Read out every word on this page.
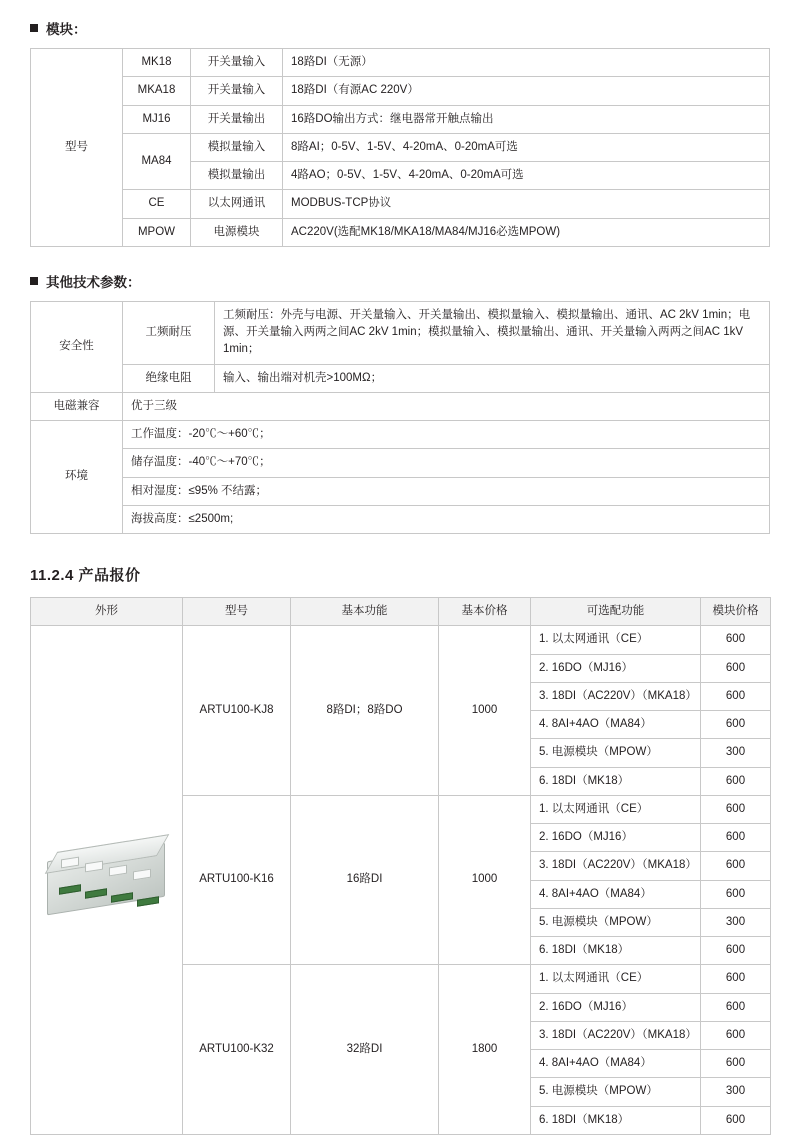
模块：
型号	MK18	开关量输入	18路DI（无源）
	MKA18	开关量输入	18路DI（有源AC 220V）
	MJ16	开关量输出	16路DO输出方式：继电器常开触点输出
	MA84	模拟量输入	8路AI；0-5V、1-5V、4-20mA、0-20mA可选
		模拟量输出	4路AO；0-5V、1-5V、4-20mA、0-20mA可选
	CE	以太网通讯	MODBUS-TCP协议
	MPOW	电源模块	AC220V(选配MK18/MKA18/MA84/MJ16必选MPOW)
其他技术参数：
安全性	工频耐压	工频耐压：外壳与电源、开关量输入、开关量输出、模拟量输入、模拟量输出、通讯、AC 2kV 1min；电源、开关量输入两两之间AC 2kV 1min；模拟量输入、模拟量输出、通讯、开关量输入两两之间AC 1kV 1min；
	绝缘电阻	输入、输出端对机壳>100MΩ；
电磁兼容	优于三级	
环境	工作温度：-20℃～+60℃；	
	储存温度：-40℃～+70℃；	
	相对湿度：≤95% 不结露；	
	海拔高度：≤2500m;	
11.2.4 产品报价
外形	型号	基本功能	基本价格	可选配功能	模块价格

	ARTU100-KJ8	8路DI；8路DO	1000	1. 以太网通讯（CE）	600
				2. 16DO（MJ16）	600
				3. 18DI（AC220V）（MKA18）	600
				4. 8AI+4AO（MA84）	600
				5. 电源模块（MPOW）	300
				6. 18DI（MK18）	600
	ARTU100-K16	16路DI	1000	1. 以太网通讯（CE）	600
				2. 16DO（MJ16）	600
				3. 18DI（AC220V）（MKA18）	600
				4. 8AI+4AO（MA84）	600
				5. 电源模块（MPOW）	300
				6. 18DI（MK18）	600
	ARTU100-K32	32路DI	1800	1. 以太网通讯（CE）	600
				2. 16DO（MJ16）	600
				3. 18DI（AC220V）（MKA18）	600
				4. 8AI+4AO（MA84）	600
				5. 电源模块（MPOW）	300
				6. 18DI（MK18）	600
